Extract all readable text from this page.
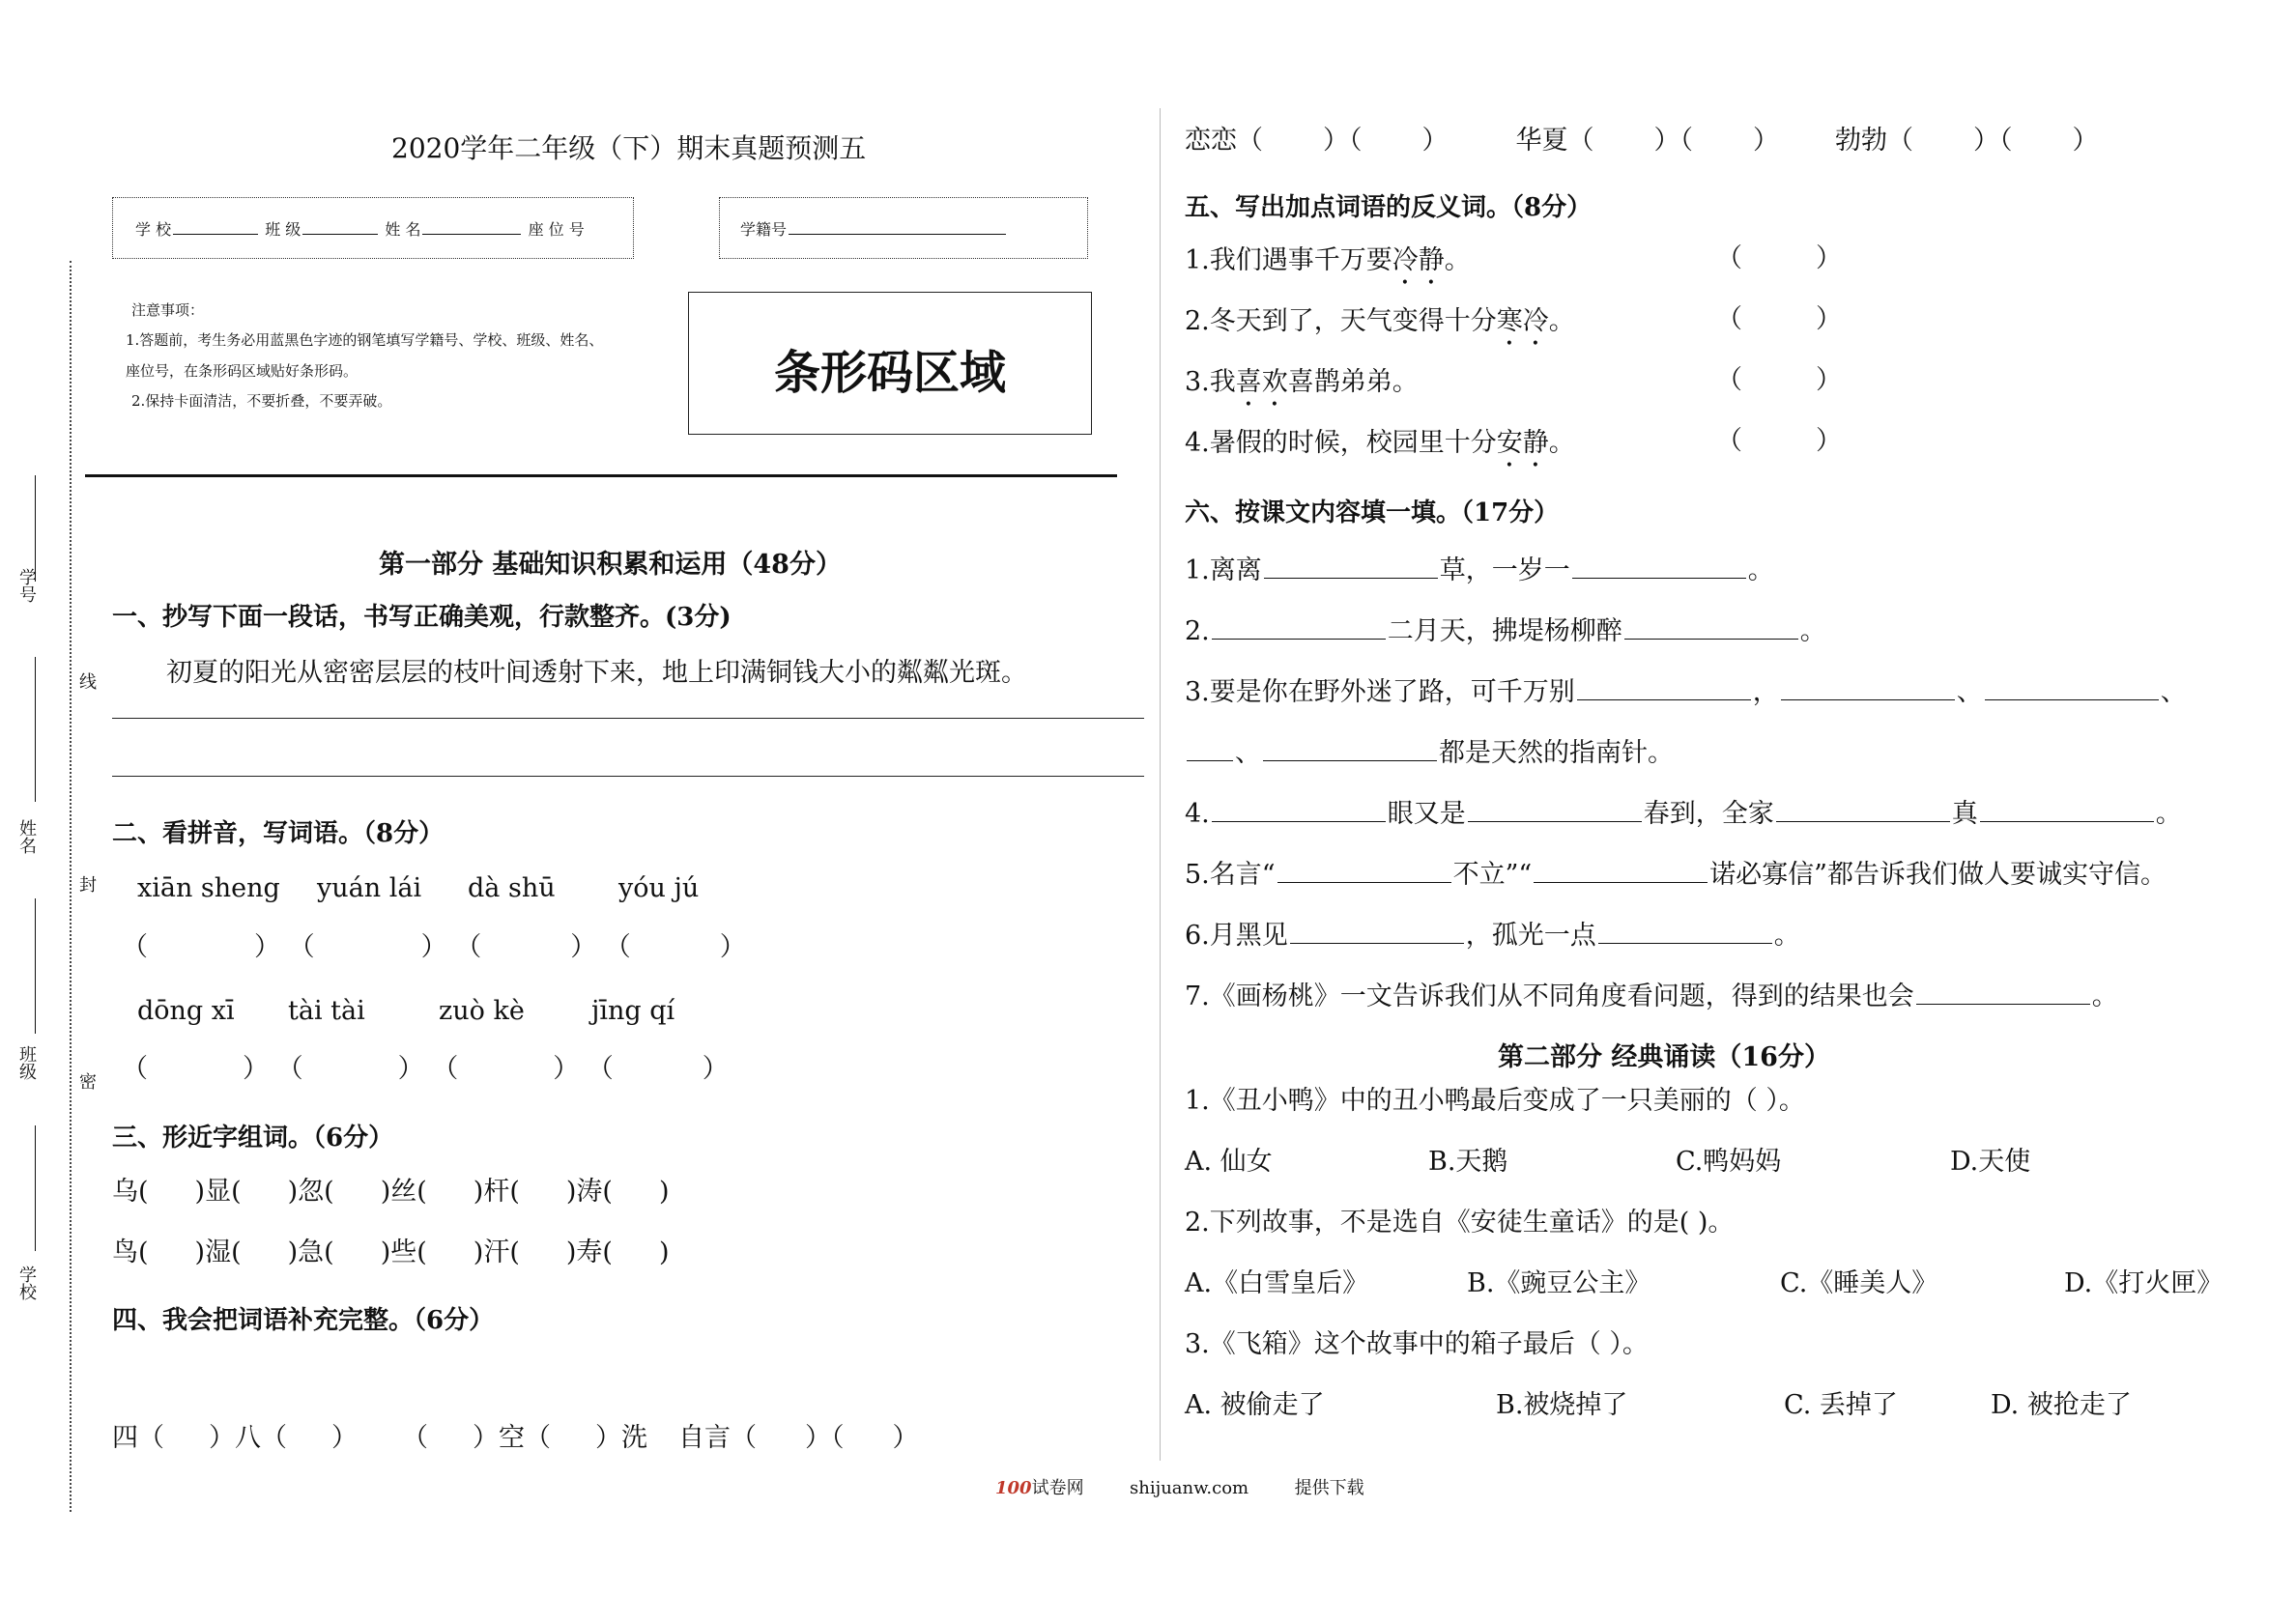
学号
姓名
班级
学校
线
封
密
2020学年二年级（下）期末真题预测五
学 校	班 级	姓 名	座 位 号	学籍号
注意事项：
1.答题前，考生务必用蓝黑色字迹的钢笔填写学籍号、学校、班级、姓名、
座位号，在条形码区域贴好条形码。
2.保持卡面清洁，不要折叠，不要弄破。
条形码区域
第一部分 基础知识积累和运用（48分）
一、抄写下面一段话，书写正确美观，行款整齐。(3分)
初夏的阳光从密密层层的枝叶间透射下来，地上印满铜钱大小的粼粼光斑。
二、看拼音，写词语。（8分）
xiān sheng yuán lái dà shū yóu jú
（	） （	） （	） （	）
dōng xī tài tài	zuò kè	jīng qí
（	） （	） （	） （	）
三、形近字组词。（6分）
乌( )显( )忽( )丝( )杆( )涛( )
鸟( )湿( )急( )些( )汗( )寿( )
四、我会把词语补充完整。（6分）
四（ ）八（ ） （ ）空（ ）洗 自言（ ）（ ）
恋恋（ ）（ ）	华夏（ ）（ ） 勃勃（ ）（ ）
五、写出加点词语的反义词。（8分）
1.我们遇事千万要冷静。	（	）
2.冬天到了，天气变得十分寒冷。	（	）
3.我喜欢喜鹊弟弟。	（	）
4.暑假的时候，校园里十分安静。	（	）
六、按课文内容填一填。（17分）
1.离离	草，一岁一	。
2.	二月天，拂堤杨柳醉	。
3.要是你在野外迷了路，可千万别	，	、	、
、	都是天然的指南针。
4.	眼又是	春到，全家	真	。
5.名言“	不立”“	诺必寡信”都告诉我们做人要诚实守信。
6.月黑见	，孤光一点	。
7.《画杨桃》一文告诉我们从不同角度看问题，得到的结果也会	。
第二部分 经典诵读（16分）
1.《丑小鸭》中的丑小鸭最后变成了一只美丽的（ ）。
A. 仙女	B.天鹅	C.鸭妈妈	D.天使
2.下列故事，不是选自《安徒生童话》的是( )。
A.《白雪皇后》	B.《豌豆公主》	C.《睡美人》	D.《打火匣》
3.《飞箱》这个故事中的箱子最后（ ）。
A. 被偷走了	B.被烧掉了	C. 丢掉了	D. 被抢走了
100试卷网	shijuanw.com	提供下载
